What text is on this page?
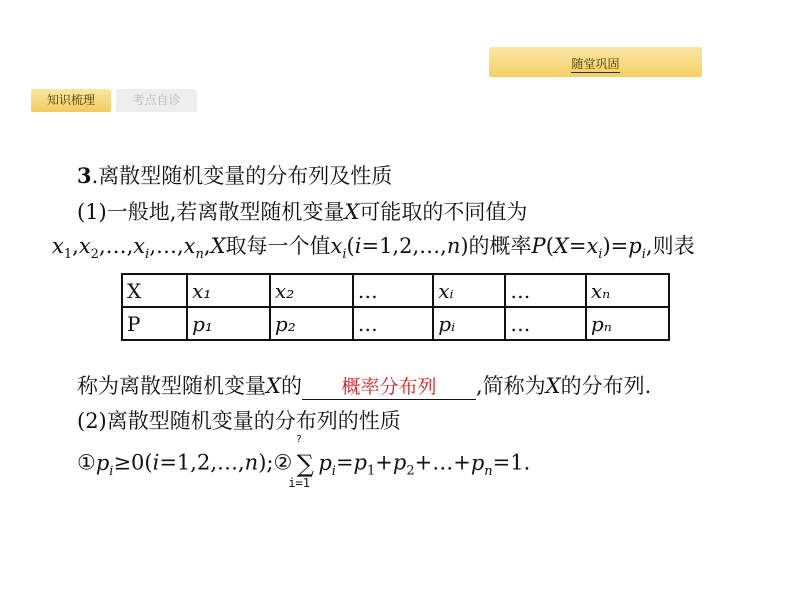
随堂巩固
知识梳理	考点自诊
3.离散型随机变量的分布列及性质
(1)一般地,若离散型随机变量X可能取的不同值为
$x_1,x_2,\dots,x_i,\dots,x_n,X$取每一个值$x_i(i=1,2,\dots,n)$的概率$P(X=x_i)=p_i$,则表
X	x₁	x₂	…	xᵢ	…	xₙ
P	p₁	p₂	…	pᵢ	…	pₙ
称为离散型随机变量X的 概率分布列 ,简称为X的分布列.
(2)离散型随机变量的分布列的性质
$①p_i\ge 0(i=1,2,\dots,n);②$ ∑
?
i=1
$p_i=p_1+p_2+\dots+p_n=1$.
